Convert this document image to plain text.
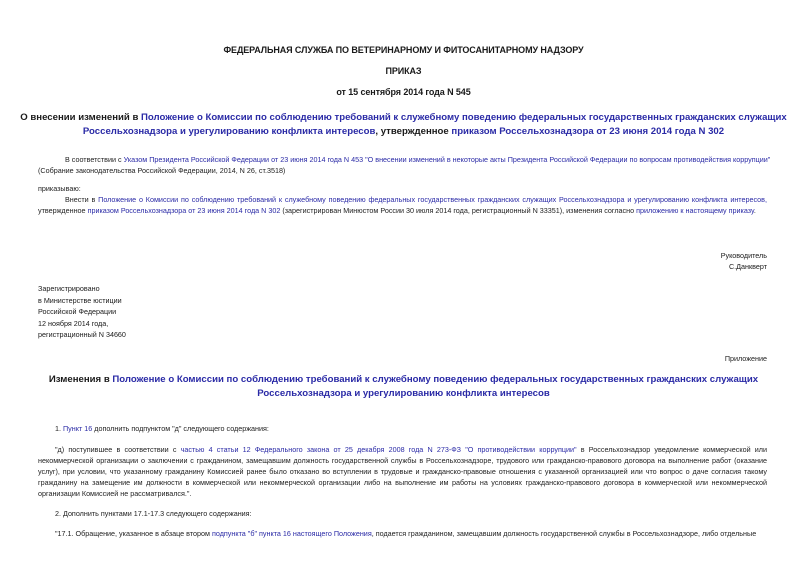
ФЕДЕРАЛЬНАЯ СЛУЖБА ПО ВЕТЕРИНАРНОМУ И ФИТОСАНИТАРНОМУ НАДЗОРУ
ПРИКАЗ
от 15 сентября 2014 года N 545
О внесении изменений в Положение о Комиссии по соблюдению требований к служебному поведению федеральных государственных гражданских служащих
Россельхознадзора и урегулированию конфликта интересов, утвержденное приказом Россельхознадзора от 23 июня 2014 года N 302
В соответствии с Указом Президента Российской Федерации от 23 июня 2014 года N 453 "О внесении изменений в некоторые акты Президента Российской Федерации по вопросам противодействия коррупции"
(Собрание законодательства Российской Федерации, 2014, N 26, ст.3518)
приказываю:
Внести в Положение о Комиссии по соблюдению требований к служебному поведению федеральных государственных гражданских служащих Россельхознадзора и урегулированию конфликта интересов,
утвержденное приказом Россельхознадзора от 23 июня 2014 года N 302 (зарегистрирован Минюстом России 30 июля 2014 года, регистрационный N 33351), изменения согласно приложению к настоящему приказу.
Руководитель
С.Данкверт
Зарегистрировано
в Министерстве юстиции
Российской Федерации
12 ноября 2014 года,
регистрационный N 34660
Приложение
Изменения в Положение о Комиссии по соблюдению требований к служебному поведению федеральных государственных гражданских служащих
Россельхознадзора и урегулированию конфликта интересов
1. Пункт 16 дополнить подпунктом "д" следующего содержания:
"д) поступившее в соответствии с частью 4 статьи 12 Федерального закона от 25 декабря 2008 года N 273-ФЗ "О противодействии коррупции" в Россельхознадзор уведомление коммерческой или
некоммерческой организации о заключении с гражданином, замещавшим должность государственной службы в Россельхознадзоре, трудового или гражданско-правового договора на выполнение работ (оказание
услуг), при условии, что указанному гражданину Комиссией ранее было отказано во вступлении в трудовые и гражданско-правовые отношения с указанной организацией или что вопрос о даче согласия такому
гражданину на замещение им должности в коммерческой или некоммерческой организации либо на выполнение им работы на условиях гражданско-правового договора в коммерческой или некоммерческой
организации Комиссией не рассматривался.".
2. Дополнить пунктами 17.1-17.3 следующего содержания:
"17.1. Обращение, указанное в абзаце втором подпункта "б" пункта 16 настоящего Положения, подается гражданином, замещавшим должность государственной службы в Россельхознадзоре, либо отдельные
